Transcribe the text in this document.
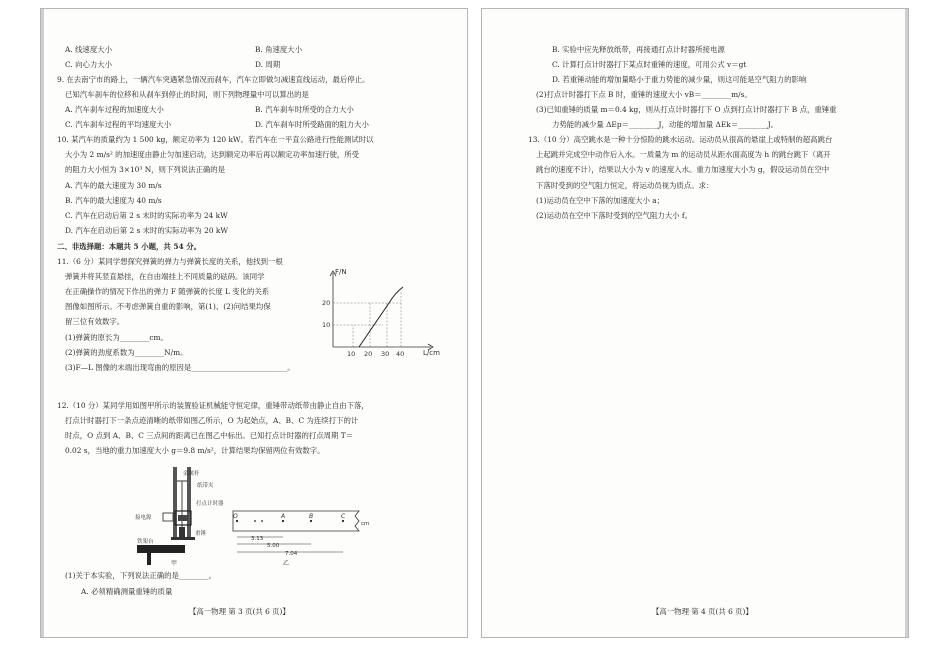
A. 线速度大小	B. 角速度大小
C. 向心力大小	D. 周期
9. 在去南宁市的路上，一辆汽车突遇紧急情况而刹车，汽车立即做匀减速直线运动，最后停止。
已知汽车刹车的位移和从刹车到停止的时间，则下列物理量中可以算出的是
A. 汽车刹车过程的加速度大小	B. 汽车刹车时所受的合力大小
C. 汽车刹车过程的平均速度大小	D. 汽车刹车时所受路面的阻力大小
10. 某汽车的质量约为 1 500 kg，额定功率为 120 kW。若汽车在一平直公路进行性能测试时以
大小为 2 m/s² 的加速度由静止匀加速启动，达到额定功率后再以额定功率加速行驶，所受
的阻力大小恒为 3×10³ N，则下列说法正确的是
A. 汽车的最大速度为 30 m/s
B. 汽车的最大速度为 40 m/s
C. 汽车在启动后第 2 s 末时的实际功率为 24 kW
D. 汽车在启动后第 2 s 末时的实际功率为 20 kW
二、非选择题：本题共 5 小题，共 54 分。
11.（6 分）某同学想探究弹簧的弹力与弹簧长度的关系，他找到一根
弹簧并将其竖直悬挂，在自由端挂上不同质量的砝码。该同学
在正确操作的情况下作出的弹力 F 随弹簧的长度 L 变化的关系
图像如图所示。不考虑弹簧自重的影响，第(1)、(2)问结果均保
留三位有效数字。
(1)弹簧的原长为________cm。
(2)弹簧的劲度系数为________N/m。
(3)F—L 图像的末端出现弯曲的原因是__________________________。
F/N
L/cm
10
20
10 20 30 40
12.（10 分）某同学用如图甲所示的装置验证机械能守恒定律，重锤带动纸带由静止自由下落，
打点计时器打下一条点迹清晰的纸带如图乙所示，O 为起始点，A、B、C 为连续打下的计
时点，O 点到 A、B、C 三点间的距离已在图乙中标出。已知打点计时器的打点周期 T＝
0.02 s，当地的重力加速度大小 g＝9.8 m/s²，计算结果均保留两位有效数字。
金属杆
纸带夹
打点计时器
接电源
重锤
铁架台
甲
O	A	B	C
cm
3.13
5.00
7.04
乙
(1)关于本实验，下列说法正确的是________。
A. 必须精确测量重锤的质量
【高一物理 第 3 页(共 6 页)】
B. 实验中应先释放纸带，再接通打点计时器所接电源
C. 计算打点计时器打下某点时重锤的速度，可用公式 v＝gt
D. 若重锤动能的增加量略小于重力势能的减少量，则这可能是空气阻力的影响
(2)打点计时器打下点 B 时，重锤的速度大小 vB＝________m/s。
(3)已知重锤的质量 m＝0.4 kg，则从打点计时器打下 O 点到打点计时器打下 B 点，重锤重
力势能的减少量 ΔEp＝________J，动能的增加量 ΔEk＝________J。
13.（10 分）高空跳水是一种十分惊险的跳水运动。运动员从很高的悬崖上或特制的超高跳台
上起跳并完成空中动作后入水。一质量为 m 的运动员从距水面高度为 h 的跳台跳下（离开
跳台的速度不计），结果以大小为 v 的速度入水。重力加速度大小为 g，假设运动员在空中
下落时受到的空气阻力恒定，将运动员视为质点。求：
(1)运动员在空中下落的加速度大小 a；
(2)运动员在空中下落时受到的空气阻力大小 f。
【高一物理 第 4 页(共 6 页)】
